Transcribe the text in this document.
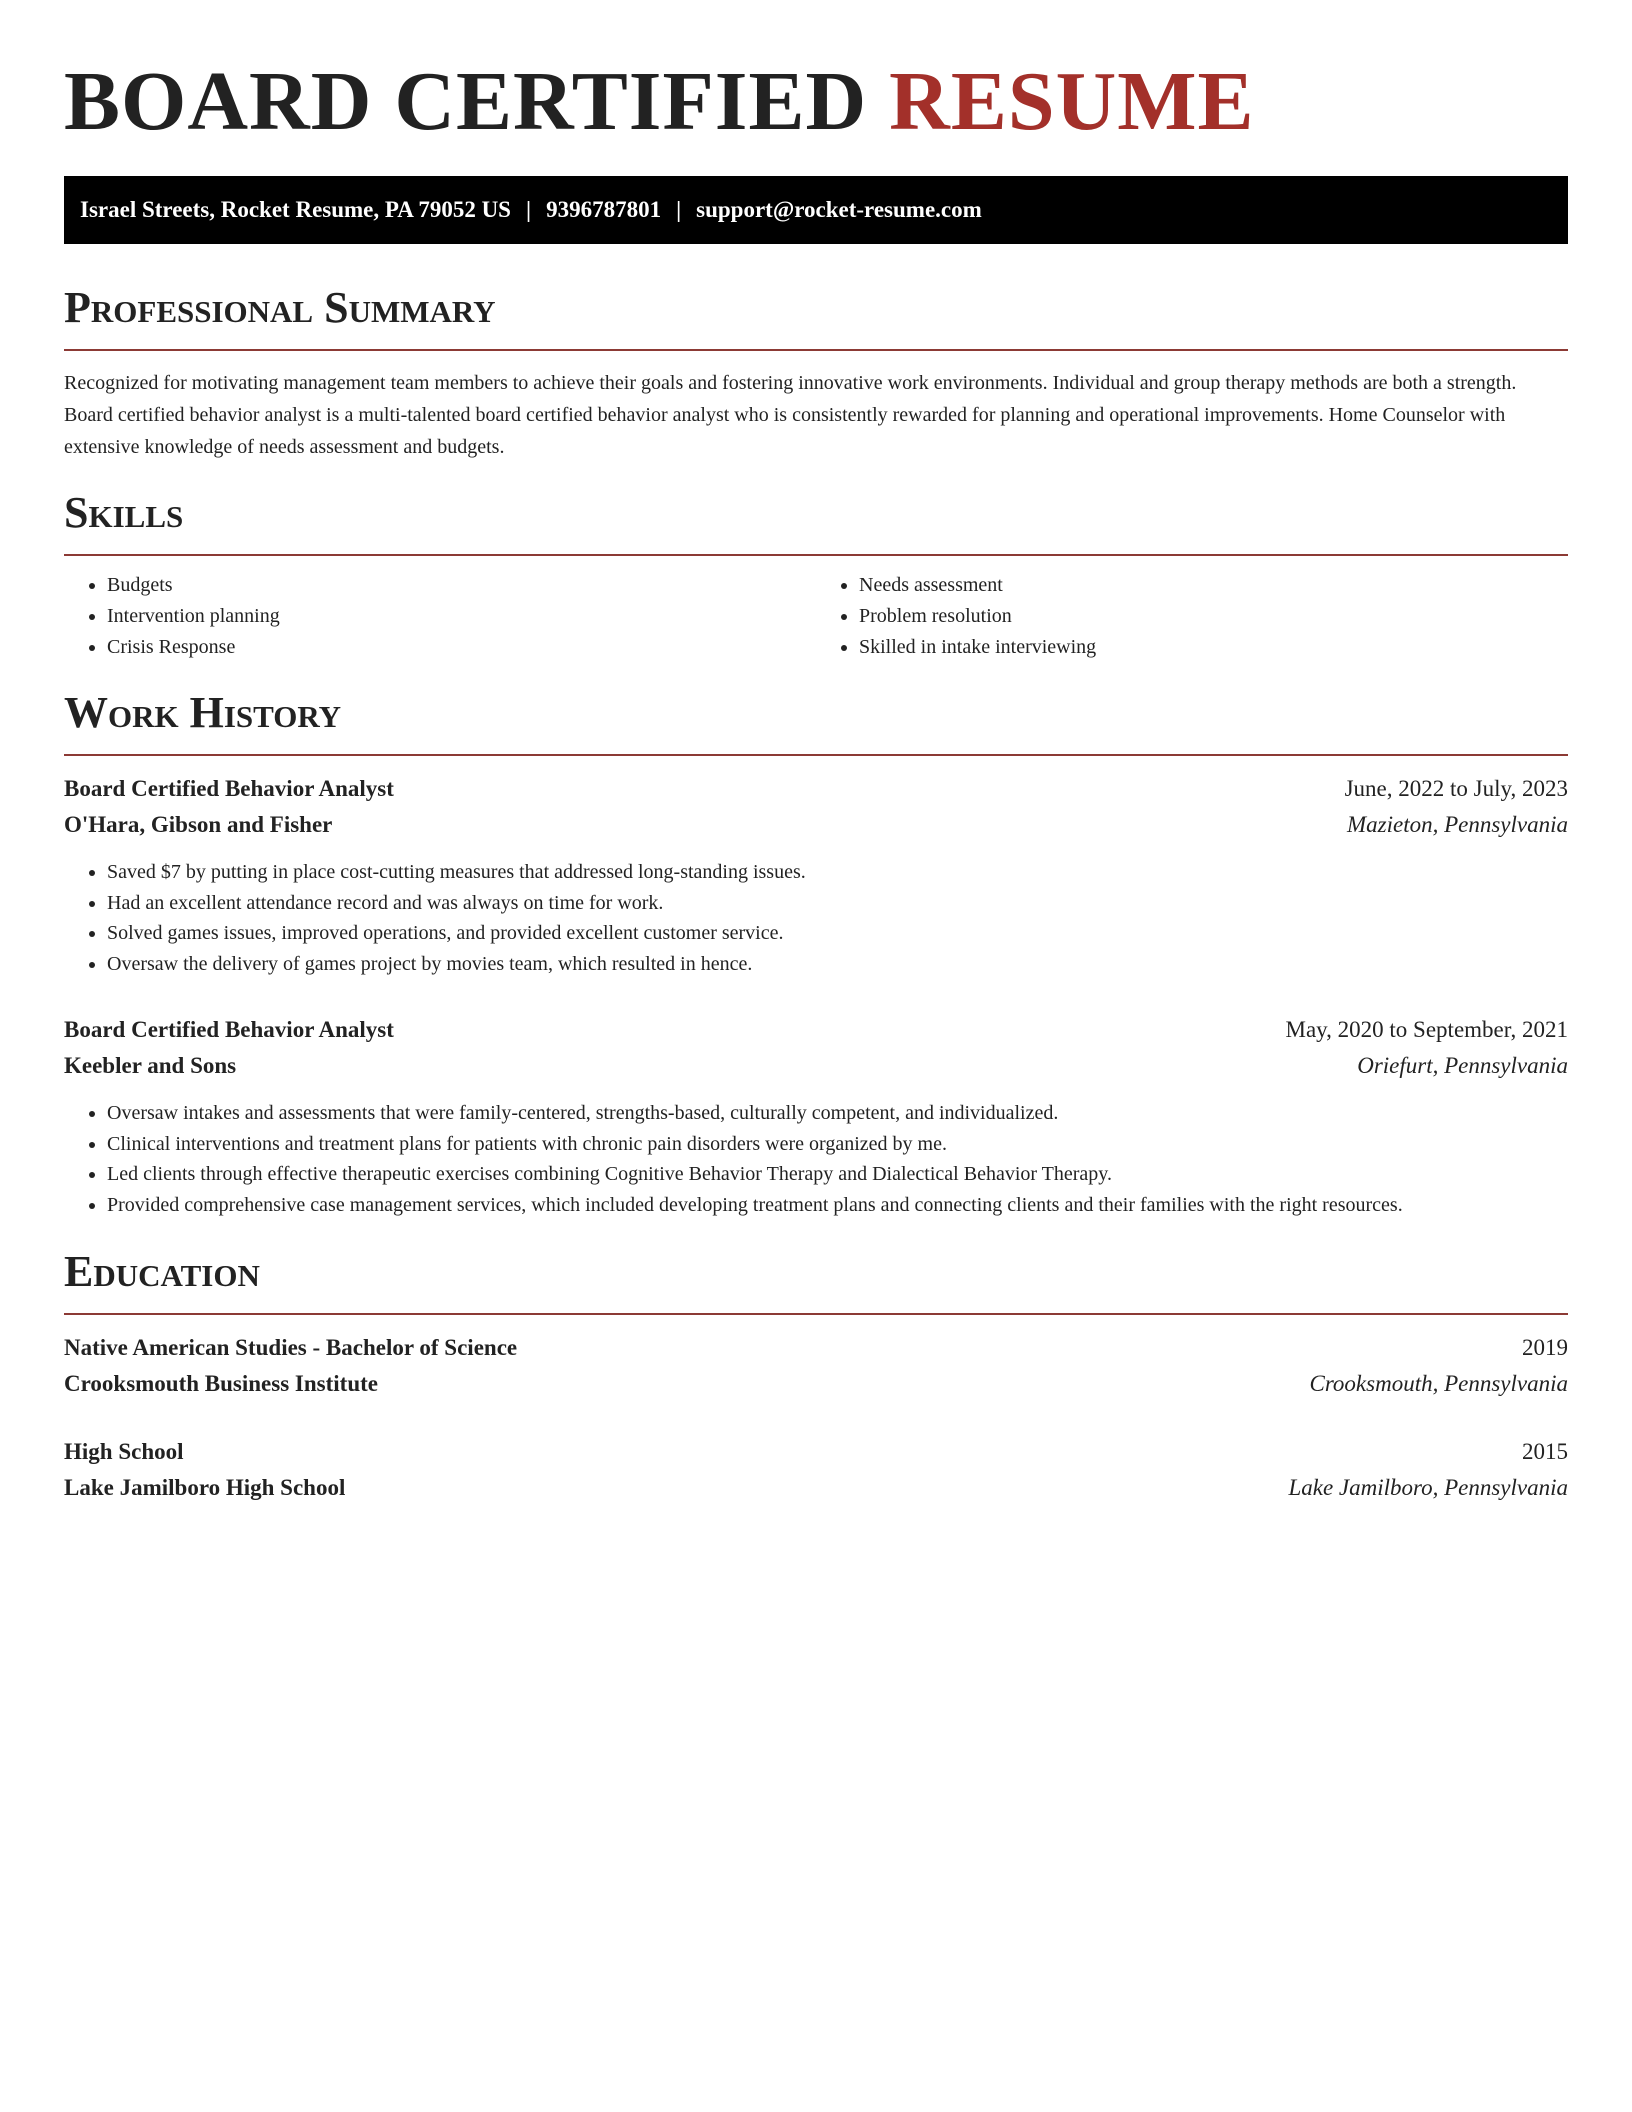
BOARD CERTIFIED RESUME
Israel Streets, Rocket Resume, PA 79052 US | 9396787801 | support@rocket-resume.com
Professional Summary

Recognized for motivating management team members to achieve their goals and fostering innovative work environments. Individual and group therapy methods are both a strength. Board certified behavior analyst is a multi-talented board certified behavior analyst who is consistently rewarded for planning and operational improvements. Home Counselor with extensive knowledge of needs assessment and budgets.

Skills
• Budgets
• Intervention planning
• Crisis Response
• Needs assessment
• Problem resolution
• Skilled in intake interviewing
Work History
Board Certified Behavior Analyst	June, 2022 to July, 2023
O'Hara, Gibson and Fisher	Mazieton, Pennsylvania
• Saved $7 by putting in place cost-cutting measures that addressed long-standing issues.
• Had an excellent attendance record and was always on time for work.
• Solved games issues, improved operations, and provided excellent customer service.
• Oversaw the delivery of games project by movies team, which resulted in hence.
Board Certified Behavior Analyst	May, 2020 to September, 2021
Keebler and Sons	Oriefurt, Pennsylvania
• Oversaw intakes and assessments that were family-centered, strengths-based, culturally competent, and individualized.
• Clinical interventions and treatment plans for patients with chronic pain disorders were organized by me.
• Led clients through effective therapeutic exercises combining Cognitive Behavior Therapy and Dialectical Behavior Therapy.
• Provided comprehensive case management services, which included developing treatment plans and connecting clients and their families with the right resources.
Education
Native American Studies - Bachelor of Science	2019
Crooksmouth Business Institute	Crooksmouth, Pennsylvania
High School	2015
Lake Jamilboro High School	Lake Jamilboro, Pennsylvania
